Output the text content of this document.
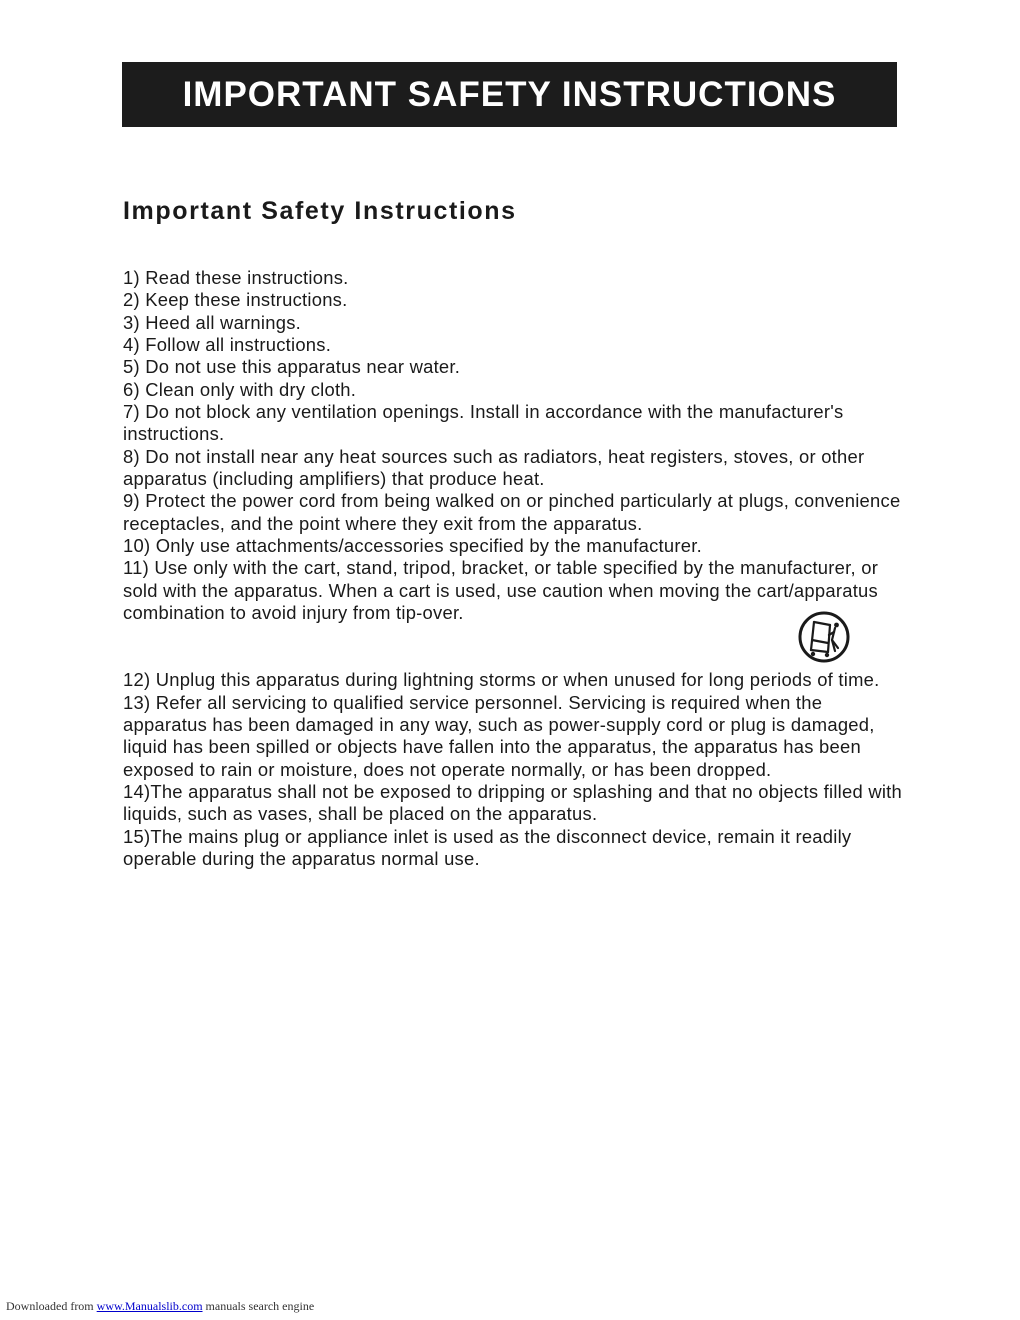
IMPORTANT SAFETY INSTRUCTIONS
Important Safety Instructions
1) Read these instructions.
2) Keep these instructions.
3) Heed all warnings.
4) Follow all instructions.
5) Do not use this apparatus near water.
6) Clean only with dry cloth.
7) Do not block any ventilation openings. Install in accordance with the manufacturer's instructions.
8) Do not install near any heat sources such as radiators, heat registers, stoves, or other apparatus (including amplifiers) that produce heat.
9) Protect the power cord from being walked on or pinched particularly at plugs, convenience receptacles, and the point where they exit from the apparatus.
10) Only use attachments/accessories specified by the manufacturer.
11) Use only with the cart, stand, tripod, bracket, or table specified by the manufacturer, or sold with the apparatus. When a cart is used, use caution when moving the cart/apparatus combination to avoid injury from tip-over.
12) Unplug this apparatus during lightning storms or when unused for long periods of time.
13) Refer all servicing to qualified service personnel. Servicing is required when the apparatus has been damaged in any way, such as power-supply cord or plug is damaged, liquid has been spilled or objects have fallen into the apparatus, the apparatus has been exposed to rain or moisture, does not operate normally, or has been dropped.
14)The apparatus shall not be exposed to dripping or splashing and that no objects filled with liquids, such as vases, shall be placed on the apparatus.
15)The mains plug or appliance inlet is used as the disconnect device, remain it readily operable during the apparatus normal use.
Downloaded from www.Manualslib.com manuals search engine
